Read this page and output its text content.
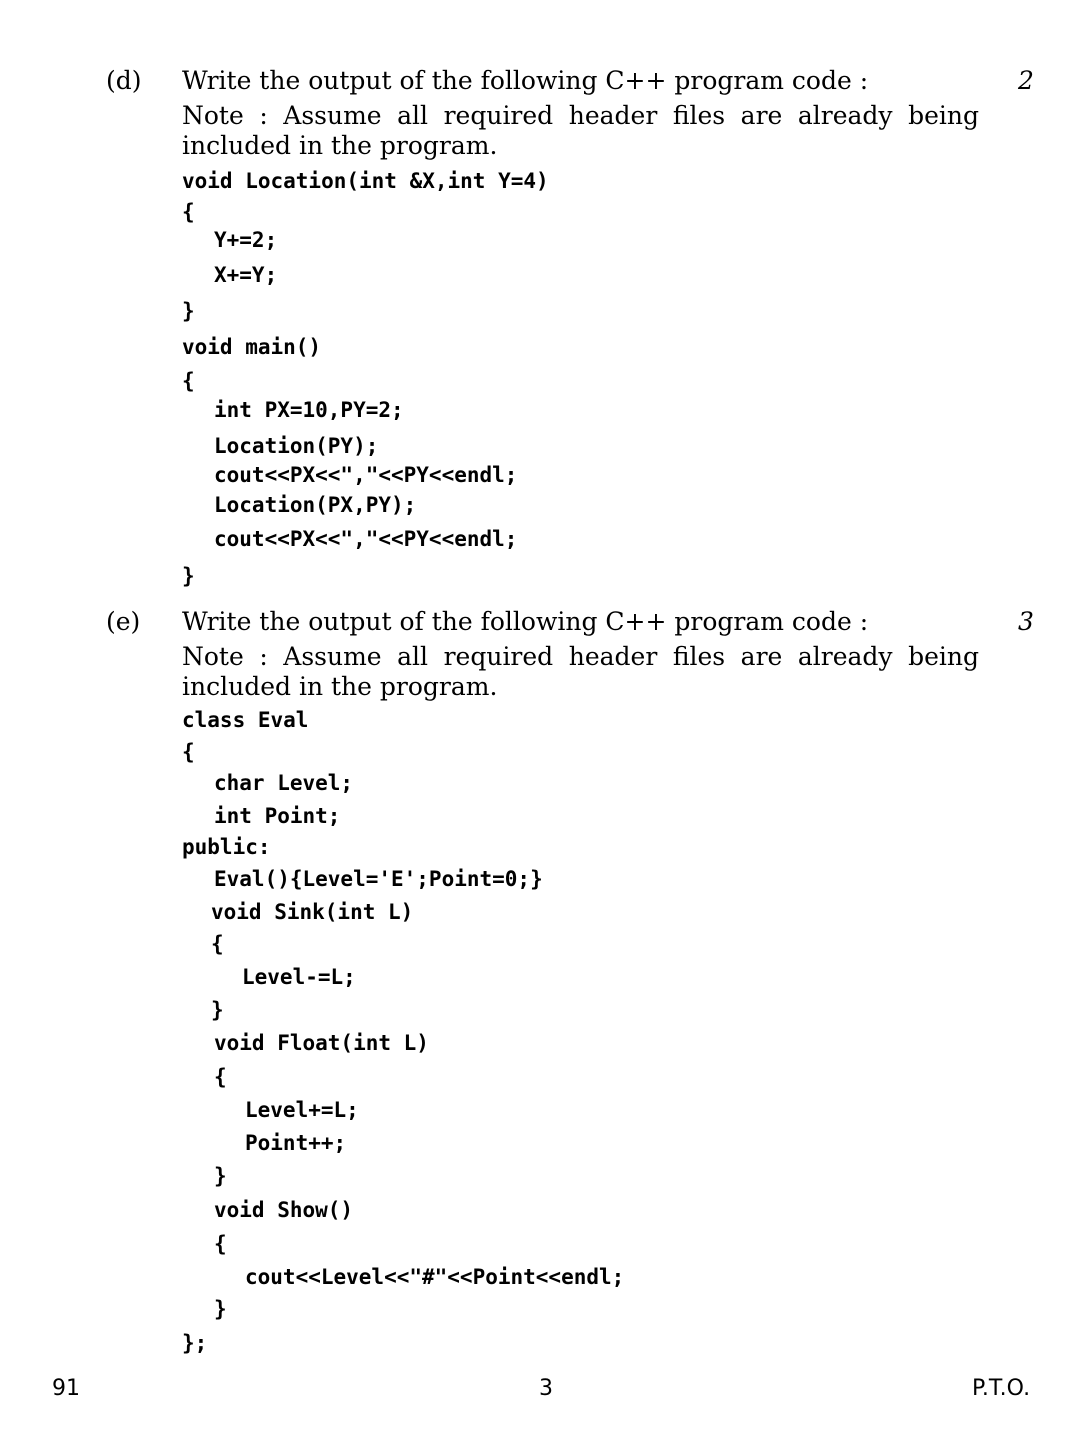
(d) Write the output of the following C++ program code :	2
Note : Assume all required header files are already being
included in the program.
void Location(int &X,int Y=4)
{
Y+=2;
X+=Y;
}
void main()
{
int PX=10,PY=2;
Location(PY);
cout<<PX<<","<<PY<<endl;
Location(PX,PY);
cout<<PX<<","<<PY<<endl;
}
(e) Write the output of the following C++ program code :	3
Note : Assume all required header files are already being
included in the program.
class Eval
{
char Level;
int Point;
public:
Eval(){Level='E';Point=0;}
void Sink(int L)
{
Level-=L;
}
void Float(int L)
{
Level+=L;
Point++;
}
void Show()
{
cout<<Level<<"#"<<Point<<endl;
}
};
91	3	P.T.O.
